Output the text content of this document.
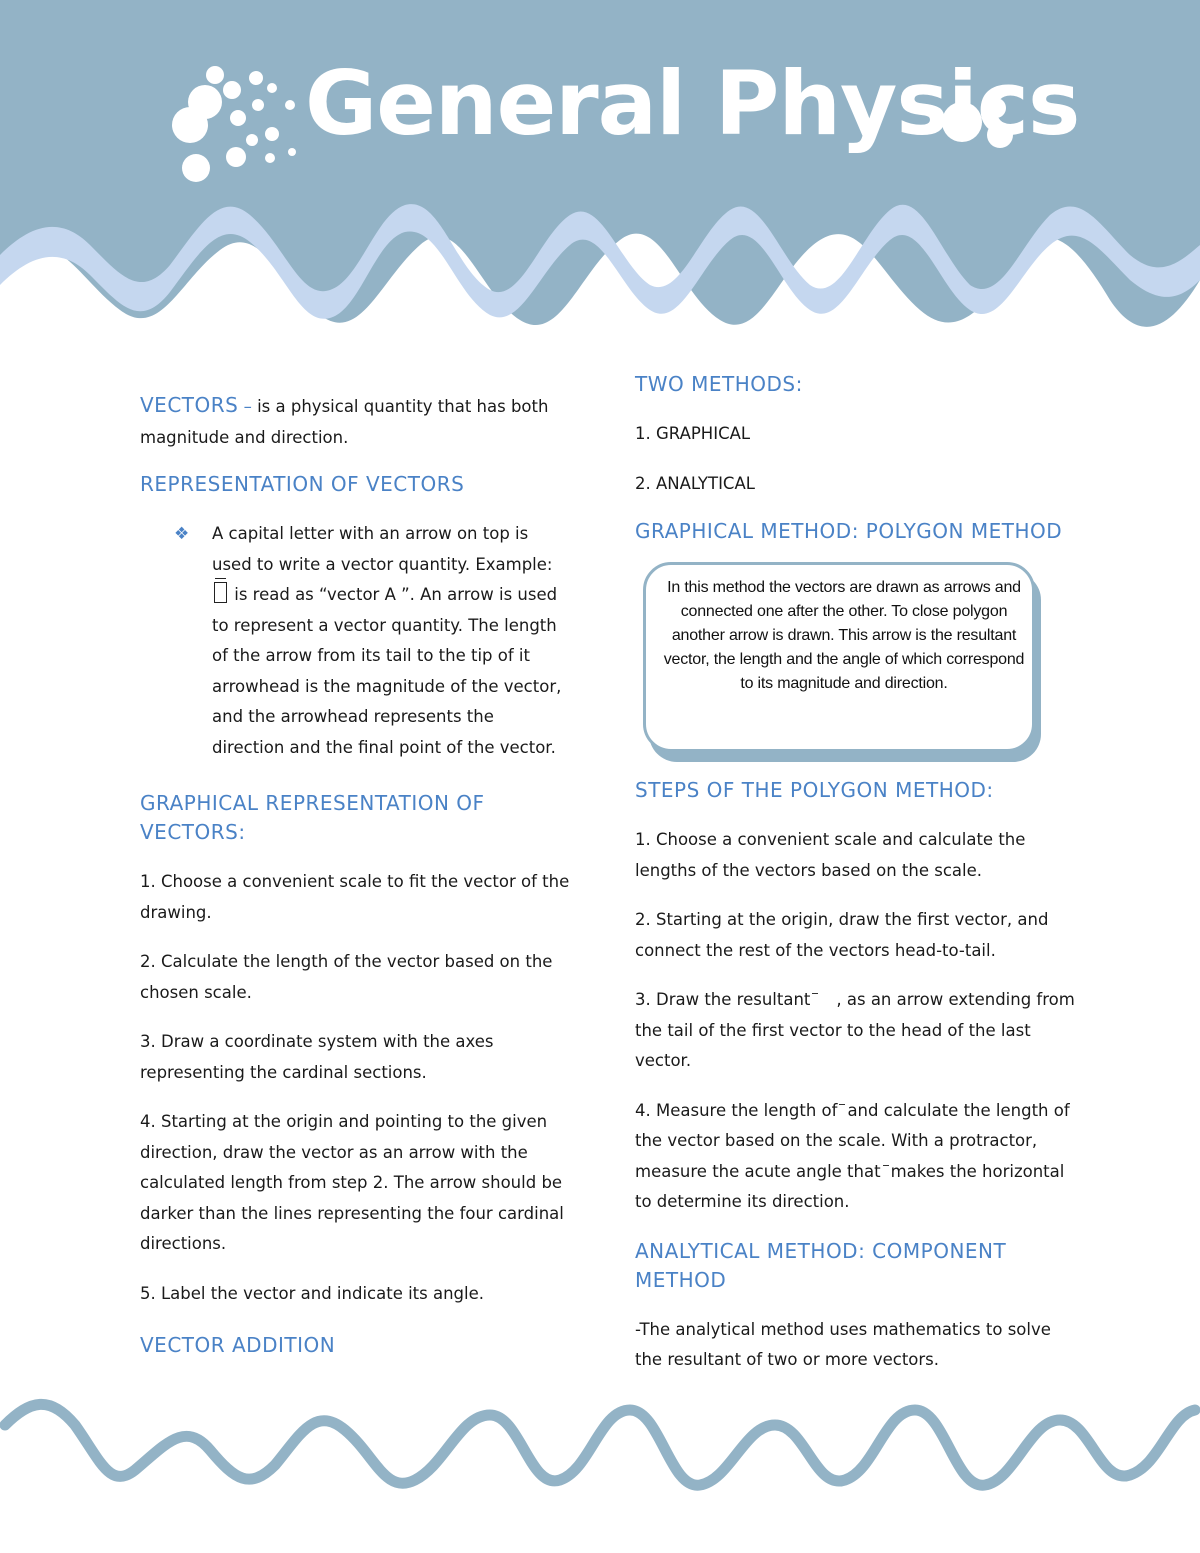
General Physics

VECTORS – is a physical quantity that has both magnitude and direction.

REPRESENTATION OF VECTORS
❖	A capital letter with an arrow on top is used to write a vector quantity. Example:  is read as “vector A ”. An arrow is used to represent a vector quantity. The length of the arrow from its tail to the tip of it arrowhead is the magnitude of the vector, and the arrowhead represents the direction and the final point of the vector.
GRAPHICAL REPRESENTATION OF VECTORS:

1. Choose a convenient scale to fit the vector of the drawing.

2. Calculate the length of the vector based on the chosen scale.

3. Draw a coordinate system with the axes representing the cardinal sections.

4. Starting at the origin and pointing to the given direction, draw the vector as an arrow with the calculated length from step 2. The arrow should be darker than the lines representing the four cardinal directions.

5. Label the vector and indicate its angle.

VECTOR ADDITION
TWO METHODS:

1. GRAPHICAL

2. ANALYTICAL

GRAPHICAL METHOD: POLYGON METHOD
STEPS OF THE POLYGON METHOD:

1. Choose a convenient scale and calculate the lengths of the vectors based on the scale.

2. Starting at the origin, draw the first vector, and connect the rest of the vectors head-to-tail.

3. Draw the resultant , as an arrow extending from the tail of the first vector to the head of the last vector.

4. Measure the length of and calculate the length of the vector based on the scale. With a protractor, measure the acute angle that makes the horizontal to determine its direction.

ANALYTICAL METHOD: COMPONENT METHOD

-The analytical method uses mathematics to solve the resultant of two or more vectors.

In this method the vectors are drawn as arrows and connected one after the other. To close polygon another arrow is drawn. This arrow is the resultant vector, the length and the angle of which correspond to its magnitude and direction.
